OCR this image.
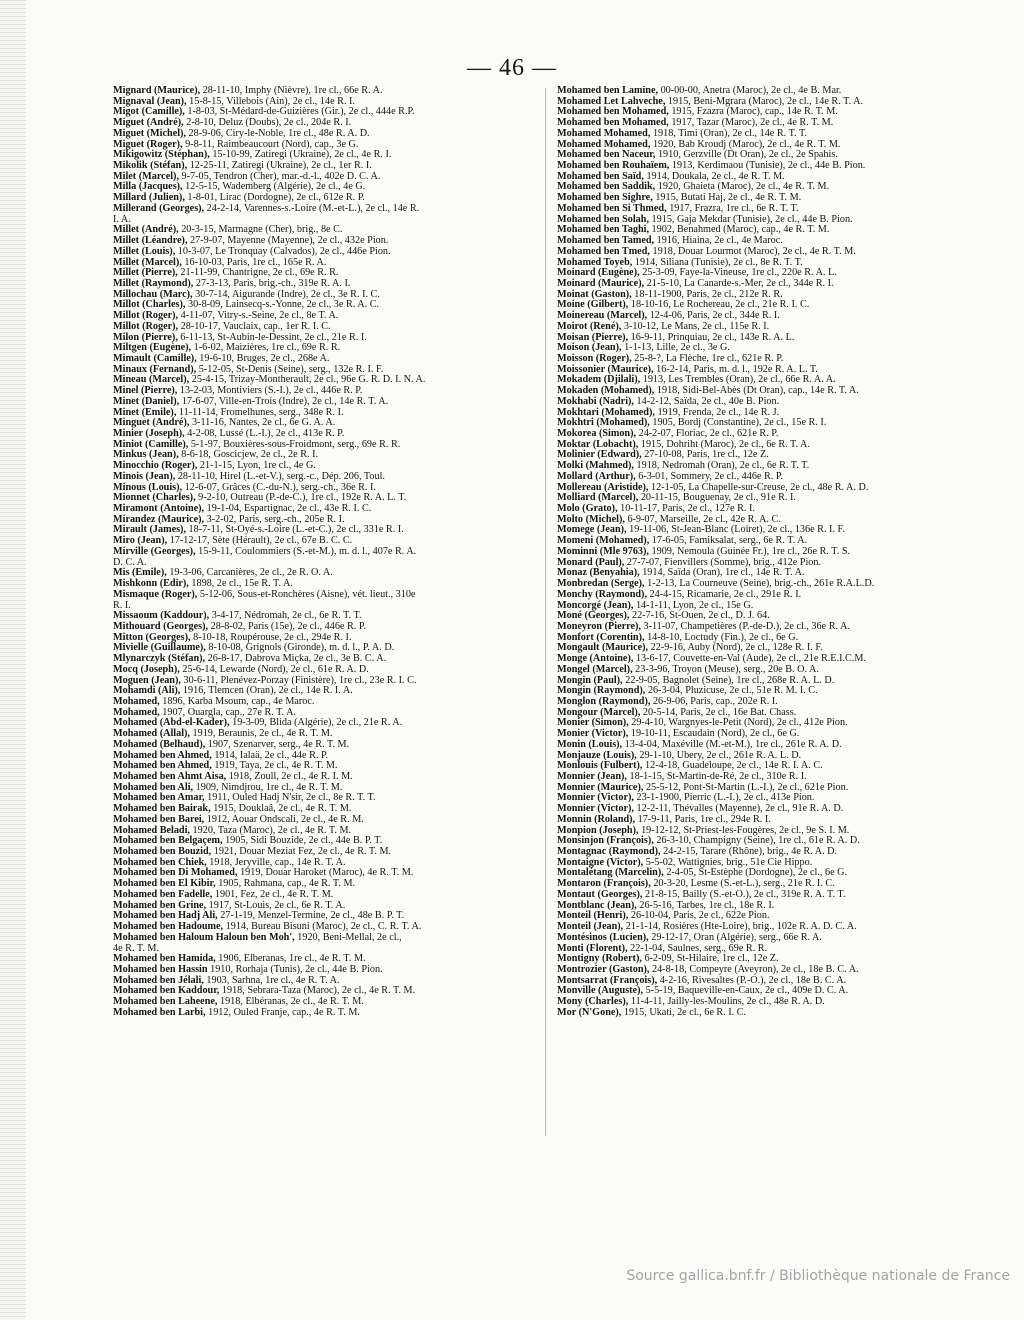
— 46 —
Mignard (Maurice), 28-11-10, Imphy (Nièvre), 1re cl., 66e R. A.
Mignaval (Jean), 15-8-15, Villebois (Ain), 2e cl., 14e R. I.
Migot (Camille), 1-8-03, St-Médard-de-Guizières (Gir.), 2e cl., 444e R.P.
Miguet (André), 2-8-10, Deluz (Doubs), 2e cl., 204e R. I.
Miguet (Michel), 28-9-06, Ciry-le-Noble, 1re cl., 48e R. A. D.
Miguet (Roger), 9-8-11, Raimbeaucourt (Nord), cap., 3e G.
Mikigowitz (Stéphan), 15-10-99, Zatiregi (Ukraine), 2e cl., 4e R. I.
Mikolik (Stéfan), 12-25-11, Zatiregi (Ukraine), 2e cl., 1er R. I.
Milet (Marcel), 9-7-05, Tendron (Cher), mar.-d.-l., 402e D. C. A.
Milla (Jacques), 12-5-15, Wademberg (Algérie), 2e cl., 4e G.
Millard (Julien), 1-8-01, Lirac (Dordogne), 2e cl., 612e R. P.
Millerand (Georges), 24-2-14, Varennes-s.-Loire (M.-et-L.), 2e cl., 14e R.
I. A.
Millet (André), 20-3-15, Marmagne (Cher), brig., 8e C.
Millet (Léandre), 27-9-07, Mayenne (Mayenne), 2e cl., 432e Pion.
Millet (Louis), 10-3-07, Le Tronquay (Calvados), 2e cl., 446e Pion.
Millet (Marcel), 16-10-03, Paris, 1re cl., 165e R. A.
Millet (Pierre), 21-11-99, Chantrigne, 2e cl., 69e R. R.
Millet (Raymond), 27-3-13, Paris, brig.-ch., 319e R. A. I.
Millochau (Marc), 30-7-14, Aigurande (Indre), 2e cl., 3e R. I. C.
Millot (Charles), 30-8-09, Lainsecq-s.-Yonne, 2e cl., 3e R. A. C.
Millot (Roger), 4-11-07, Vitry-s.-Seine, 2e cl., 8e T. A.
Millot (Roger), 28-10-17, Vauclaix, cap., 1er R. I. C.
Milon (Pierre), 6-11-13, St-Aubin-le-Dessint, 2e cl., 21e R. I.
Miltgen (Eugène), 1-6-02, Maizières, 1re cl., 69e R. R.
Mimault (Camille), 19-6-10, Bruges, 2e cl., 268e A.
Minaux (Fernand), 5-12-05, St-Denis (Seine), serg., 132e R. I. F.
Mineau (Marcel), 25-4-15, Trizay-Montherault, 2e cl., 96e G. R. D. I. N. A.
Minel (Pierre), 13-2-03, Montiviers (S.-I.), 2e cl., 446e R. P.
Minet (Daniel), 17-6-07, Ville-en-Trois (Indre), 2e cl., 14e R. T. A.
Minet (Emile), 11-11-14, Fromelhunes, serg., 348e R. I.
Minguet (André), 3-11-16, Nantes, 2e cl., 6e G. A. A.
Minier (Joseph), 4-2-08, Lussé (L.-I.), 2e cl., 413e R. P.
Miniot (Camille), 5-1-97, Bouxières-sous-Froidmont, serg., 69e R. R.
Minkus (Jean), 8-6-18, Goscicjew, 2e cl., 2e R. I.
Minocchio (Roger), 21-1-15, Lyon, 1re cl., 4e G.
Minois (Jean), 28-11-10, Hirel (L.-et-V.), serg.-c., Dép. 206, Toul.
Minous (Louis), 12-6-07, Grâces (C.-du-N.), serg.-ch., 36e R. I.
Mionnet (Charles), 9-2-10, Outreau (P.-de-C.), 1re cl., 192e R. A. L. T.
Miramont (Antoine), 19-1-04, Espartignac, 2e cl., 43e R. I. C.
Mirandez (Maurice), 3-2-02, Paris, serg.-ch., 205e R. I.
Mirault (James), 18-7-11, St-Oyé-s.-Loire (L.-et-C.), 2e cl., 331e R. I.
Miro (Jean), 17-12-17, Sète (Hérault), 2e cl., 67e B. C. C.
Mirville (Georges), 15-9-11, Coulommiers (S.-et-M.), m. d. l., 407e R. A.
D. C. A.
Mis (Emile), 19-3-06, Carcanières, 2e cl., 2e R. O. A.
Mishkonn (Edir), 1898, 2e cl., 15e R. T. A.
Mismaque (Roger), 5-12-06, Sous-et-Ronchères (Aisne), vét. lieut., 310e
R. I.
Missaoum (Kaddour), 3-4-17, Nédromah, 2e cl., 6e R. T. T.
Mithouard (Georges), 28-8-02, Paris (15e), 2e cl., 446e R. P.
Mitton (Georges), 8-10-18, Roupérouse, 2e cl., 294e R. I.
Mivielle (Guillaume), 8-10-08, Grignols (Gironde), m. d. l., P. A. D.
Mlynarczyk (Stéfan), 26-8-17, Dabrova Miçka, 2e cl., 3e B. C. A.
Mocq (Joseph), 25-6-14, Lewarde (Nord), 2e cl., 61e R. A. D.
Moguen (Jean), 30-6-11, Plenévez-Porzay (Finistère), 1re cl., 23e R. I. C.
Mohamdi (Ali), 1916, Tlemcen (Oran), 2e cl., 14e R. I. A.
Mohamed, 1896, Karba Msoum, cap., 4e Maroc.
Mohamed, 1907, Ouargla, cap., 27e R. T. A.
Mohamed (Abd-el-Kader), 19-3-09, Blida (Algérie), 2e cl., 21e R. A.
Mohamed (Allal), 1919, Beraunis, 2e cl., 4e R. T. M.
Mohamed (Belhaud), 1907, Szenarver, serg., 4e R. T. M.
Mohamed ben Ahmed, 1914, Ialaä, 2e cl., 44e R. P.
Mohamed ben Ahmed, 1919, Taya, 2e cl., 4e R. T. M.
Mohamed ben Ahmt Aisa, 1918, Zoull, 2e cl., 4e R. I. M.
Mohamed ben Ali, 1909, Nimdjrou, 1re cl., 4e R. T. M.
Mohamed ben Amar, 1911, Ouled Hadj N'sir, 2e cl., 8e R. T. T.
Mohamed ben Bairak, 1915, Douklaâ, 2e cl., 4e R. T. M.
Mohamed ben Barei, 1912, Aouar Ondscali, 2e cl., 4e R. M.
Mohamed Beladi, 1920, Taza (Maroc), 2e cl., 4e R. T. M.
Mohamed ben Belgaçem, 1905, Sidi Bouzide, 2e cl., 44e B. P. T.
Mohamed ben Bouzid, 1921, Douar Meziat Fez, 2e cl., 4e R. T. M.
Mohamed ben Chiek, 1918, Jeryville, cap., 14e R. T. A.
Mohamed ben Di Mohamed, 1919, Douar Haroket (Maroc), 4e R. T. M.
Mohamed ben El Kibir, 1905, Rahmana, cap., 4e R. T. M.
Mohamed ben Fadelle, 1901, Fez, 2e cl., 4e R. T. M.
Mohamed ben Grine, 1917, St-Louis, 2e cl., 6e R. T. A.
Mohamed ben Hadj Ali, 27-1-19, Menzel-Termine, 2e cl., 48e B. P. T.
Mohamed ben Hadoume, 1914, Bureau Bisuni (Maroc), 2e cl., C. R. T. A.
Mohamed ben Haloum Haloun ben Moh', 1920, Beni-Mellal, 2e cl.,
4e R. T. M.
Mohamed ben Hamida, 1906, Elberanas, 1re cl., 4e R. T. M.
Mohamed ben Hassin 1910, Rorhaja (Tunis), 2e cl., 44e B. Pion.
Mohamed ben Jélali, 1903, Sarhna, 1re cl., 4e R. T. A.
Mohamed ben Kaddour, 1918, Sebrara-Taza (Maroc), 2e cl., 4e R. T. M.
Mohamed ben Laheene, 1918, Elbéranas, 2e cl., 4e R. T. M.
Mohamed ben Larbi, 1912, Ouled Franje, cap., 4e R. T. M.
Mohamed ben Lamine, 00-00-00, Anetra (Maroc), 2e cl., 4e B. Mar.
Mohamed Let Lahveche, 1915, Beni-Mgrara (Maroc), 2e cl., 14e R. T. A.
Mohamed ben Mohamed, 1915, Fzazra (Maroc), cap., 14e R. T. M.
Mohamed ben Mohamed, 1917, Tazar (Maroc), 2e cl., 4e R. T. M.
Mohamed Mohamed, 1918, Timi (Oran), 2e cl., 14e R. T. T.
Mohamed Mohamed, 1920, Bab Kroudj (Maroc), 2e cl., 4e R. T. M.
Mohamed ben Naceur, 1910, Gerzville (Dt Oran), 2e cl., 2e Spahis.
Mohamed ben Rouhaïem, 1913, Kerdimaou (Tunisie), 2e cl., 44e B. Pion.
Mohamed ben Saïd, 1914, Doukala, 2e cl., 4e R. T. M.
Mohamed ben Saddik, 1920, Ghaieta (Maroc), 2e cl., 4e R. T. M.
Mohamed ben Sighre, 1915, Butati Haj, 2e cl., 4e R. T. M.
Mohamed ben Si Thmed, 1917, Frazra, 1re cl., 6e R. T. T.
Mohamed ben Solah, 1915, Gaja Mekdar (Tunisie), 2e cl., 44e B. Pion.
Mohamed ben Taghi, 1902, Benahmed (Maroc), cap., 4e R. T. M.
Mohamed ben Tamed, 1916, Hiaina, 2e cl., 4e Maroc.
Mohamed ben Tmed, 1918, Douar Lourmot (Maroc), 2e cl., 4e R. T. M.
Mohamed Toyeb, 1914, Siliana (Tunisie), 2e cl., 8e R. T. T.
Moinard (Eugène), 25-3-09, Faye-la-Vineuse, 1re cl., 220e R. A. L.
Moinard (Maurice), 21-5-10, La Canarde-s.-Mer, 2e cl., 344e R. I.
Moinat (Gaston), 18-11-1900, Paris, 2e cl., 212e R. R.
Moine (Gilbert), 18-10-16, Le Rochereau, 2e cl., 21e R. I. C.
Moinereau (Marcel), 12-4-06, Paris, 2e cl., 344e R. I.
Moirot (René), 3-10-12, Le Mans, 2e cl., 115e R. I.
Moisan (Pierre), 16-9-11, Prinquiau, 2e cl., 143e R. A. L.
Moison (Jean), 1-1-13, Lille, 2e cl., 3e G.
Moisson (Roger), 25-8-?, La Flèche, 1re cl., 621e R. P.
Moissonier (Maurice), 16-2-14, Paris, m. d. l., 192e R. A. L. T.
Mokadem (Djilali), 1913, Les Trembles (Oran), 2e cl., 66e R. A. A.
Mokaden (Mohamed), 1918, Sidi-Bel-Abès (Dt Oran), cap., 14e R. T. A.
Mokhabi (Nadri), 14-2-12, Saïda, 2e cl., 40e B. Pion.
Mokhtari (Mohamed), 1919, Frenda, 2e cl., 14e R. J.
Mokhtri (Mohamed), 1905, Bordj (Constantine), 2e cl., 15e R. I.
Mokorea (Simon), 24-2-07, Floriac, 2e cl., 621e R. P.
Moktar (Lobacht), 1915, Dohriht (Maroc), 2e cl., 6e R. T. A.
Molinier (Edward), 27-10-08, Paris, 1re cl., 12e Z.
Molki (Mahmed), 1918, Nedromah (Oran), 2e cl., 6e R. T. T.
Mollard (Arthur), 6-3-01, Sommery, 2e cl., 446e R. P.
Mollereau (Aristide), 12-1-05, La Chapelle-sur-Creuse, 2e cl., 48e R. A. D.
Molliard (Marcel), 20-11-15, Bouguenay, 2e cl., 91e R. I.
Molo (Grato), 10-11-17, Paris, 2e cl., 127e R. I.
Molto (Michel), 6-9-07, Marseille, 2e cl., 42e R. A. C.
Momege (Jean), 19-11-06, St-Jean-Blanc (Loiret), 2e cl., 136e R. I. F.
Momeni (Mohamed), 17-6-05, Famiksalat, serg., 6e R. T. A.
Mominni (Mle 9763), 1909, Nemoula (Guinée Fr.), 1re cl., 26e R. T. S.
Monard (Paul), 27-7-07, Fienvillers (Somme), brig., 412e Pion.
Monaz (Benyahia), 1914, Saïda (Oran), 1re cl., 14e R. T. A.
Monbredan (Serge), 1-2-13, La Courneuve (Seine), brig.-ch., 261e R.A.L.D.
Monchy (Raymond), 24-4-15, Ricamarie, 2e cl., 291e R. I.
Moncorgé (Jean), 14-1-11, Lyon, 2e cl., 15e G.
Moné (Georges), 22-7-16, St-Ouen, 2e cl., D. J. 64.
Moneyron (Pierre), 3-11-07, Champetières (P.-de-D.), 2e cl., 36e R. A.
Monfort (Corentin), 14-8-10, Loctudy (Fin.), 2e cl., 6e G.
Mongault (Maurice), 22-9-16, Auby (Nord), 2e cl., 128e R. I. F.
Monge (Antoine), 13-6-17, Couvette-en-Val (Aude), 2e cl., 21e R.E.I.C.M.
Mongel (Marcel), 23-3-96, Troyon (Meuse), serg., 20e B. O. A.
Mongin (Paul), 22-9-05, Bagnolet (Seine), 1re cl., 268e R. A. L. D.
Mongin (Raymond), 26-3-04, Pluzicuse, 2e cl., 51e R. M. I. C.
Monglon (Raymond), 26-9-06, Paris, cap., 202e R. I.
Mongour (Marcel), 20-5-14, Paris, 2e cl., 16e Bat. Chass.
Monier (Simon), 29-4-10, Wargnyes-le-Petit (Nord), 2e cl., 412e Pion.
Monier (Victor), 19-10-11, Escaudain (Nord), 2e cl., 6e G.
Monin (Louis), 13-4-04, Maxéville (M.-et-M.), 1re cl., 261e R. A. D.
Monjauze (Louis), 29-1-10, Ubery, 2e cl., 261e R. A. L. D.
Monlouis (Fulbert), 12-4-18, Guadeloupe, 2e cl., 14e R. I. A. C.
Monnier (Jean), 18-1-15, St-Martin-de-Ré, 2e cl., 310e R. I.
Monnier (Maurice), 25-5-12, Pont-St-Martin (L.-I.), 2e cl., 621e Pion.
Monnier (Victor), 23-1-1900, Pierric (L.-I.), 2e cl., 413e Pion.
Monnier (Victor), 12-2-11, Thévalles (Mayenne), 2e cl., 91e R. A. D.
Monnin (Roland), 17-9-11, Paris, 1re cl., 294e R. I.
Monpion (Joseph), 19-12-12, St-Priest-les-Fougères, 2e cl., 9e S. I. M.
Monsinjon (François), 26-3-10, Champigny (Seine), 1re cl., 61e R. A. D.
Montagnac (Raymond), 24-2-15, Tarare (Rhône), brig., 4e R. A. D.
Montaigne (Victor), 5-5-02, Wattignies, brig., 51e Cie Hippo.
Montalétang (Marcelin), 2-4-05, St-Estèphe (Dordogne), 2e cl., 6e G.
Montaron (François), 20-3-20, Lesme (S.-et-L.), serg., 21e R. I. C.
Montaut (Georges), 21-8-15, Bailly (S.-et-O.), 2e cl., 319e R. A. T. T.
Montblanc (Jean), 26-5-16, Tarbes, 1re cl., 18e R. I.
Monteil (Henri), 26-10-04, Paris, 2e cl., 622e Pion.
Monteil (Jean), 21-1-14, Rosières (Hte-Loire), brig., 102e R. A. D. C. A.
Montésinos (Lucien), 29-12-17, Oran (Algérie), serg., 66e R. A.
Monti (Florent), 22-1-04, Saulnes, serg., 69e R. R.
Montigny (Robert), 6-2-09, St-Hilaire, 1re cl., 12e Z.
Montrozier (Gaston), 24-8-18, Compeyre (Aveyron), 2e cl., 18e B. C. A.
Montsarrat (François), 4-2-16, Rivesaltes (P.-O.), 2e cl., 18e B. C. A.
Monville (Auguste), 5-5-19, Baqueville-en-Caux, 2e cl., 409e D. C. A.
Mony (Charles), 11-4-11, Jailly-les-Moulins, 2e cl., 48e R. A. D.
Mor (N'Gone), 1915, Ukati, 2e cl., 6e R. I. C.
Source gallica.bnf.fr / Bibliothèque nationale de France
